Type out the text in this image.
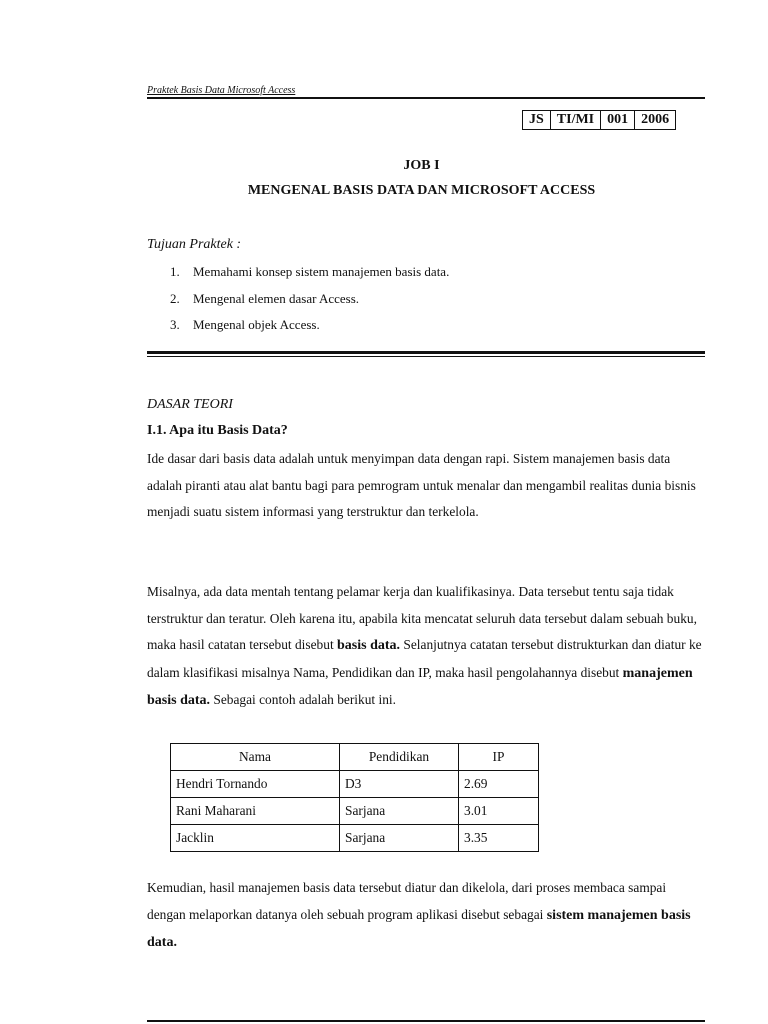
Praktek Basis Data Microsoft Access
JS	TI/MI	001	2006
JOB I
MENGENAL BASIS DATA DAN MICROSOFT ACCESS
Tujuan Praktek :
1. Memahami konsep sistem manajemen basis data.
2. Mengenal elemen dasar Access.
3. Mengenal objek Access.
DASAR TEORI
I.1. Apa itu Basis Data?
Ide dasar dari basis data adalah untuk menyimpan data dengan rapi. Sistem manajemen basis data adalah piranti atau alat bantu bagi para pemrogram untuk menalar dan mengambil realitas dunia bisnis menjadi suatu sistem informasi yang terstruktur dan terkelola.
Misalnya, ada data mentah tentang pelamar kerja dan kualifikasinya. Data tersebut tentu saja tidak terstruktur dan teratur. Oleh karena itu, apabila kita mencatat seluruh data tersebut dalam sebuah buku, maka hasil catatan tersebut disebut basis data. Selanjutnya catatan tersebut distrukturkan dan diatur ke dalam klasifikasi misalnya Nama, Pendidikan dan IP, maka hasil pengolahannya disebut manajemen basis data. Sebagai contoh adalah berikut ini.
Nama	Pendidikan	IP
Hendri Tornando	D3	2.69
Rani Maharani	Sarjana	3.01
Jacklin	Sarjana	3.35
Kemudian, hasil manajemen basis data tersebut diatur dan dikelola, dari proses membaca sampai dengan melaporkan datanya oleh sebuah program aplikasi disebut sebagai sistem manajemen basis data.
